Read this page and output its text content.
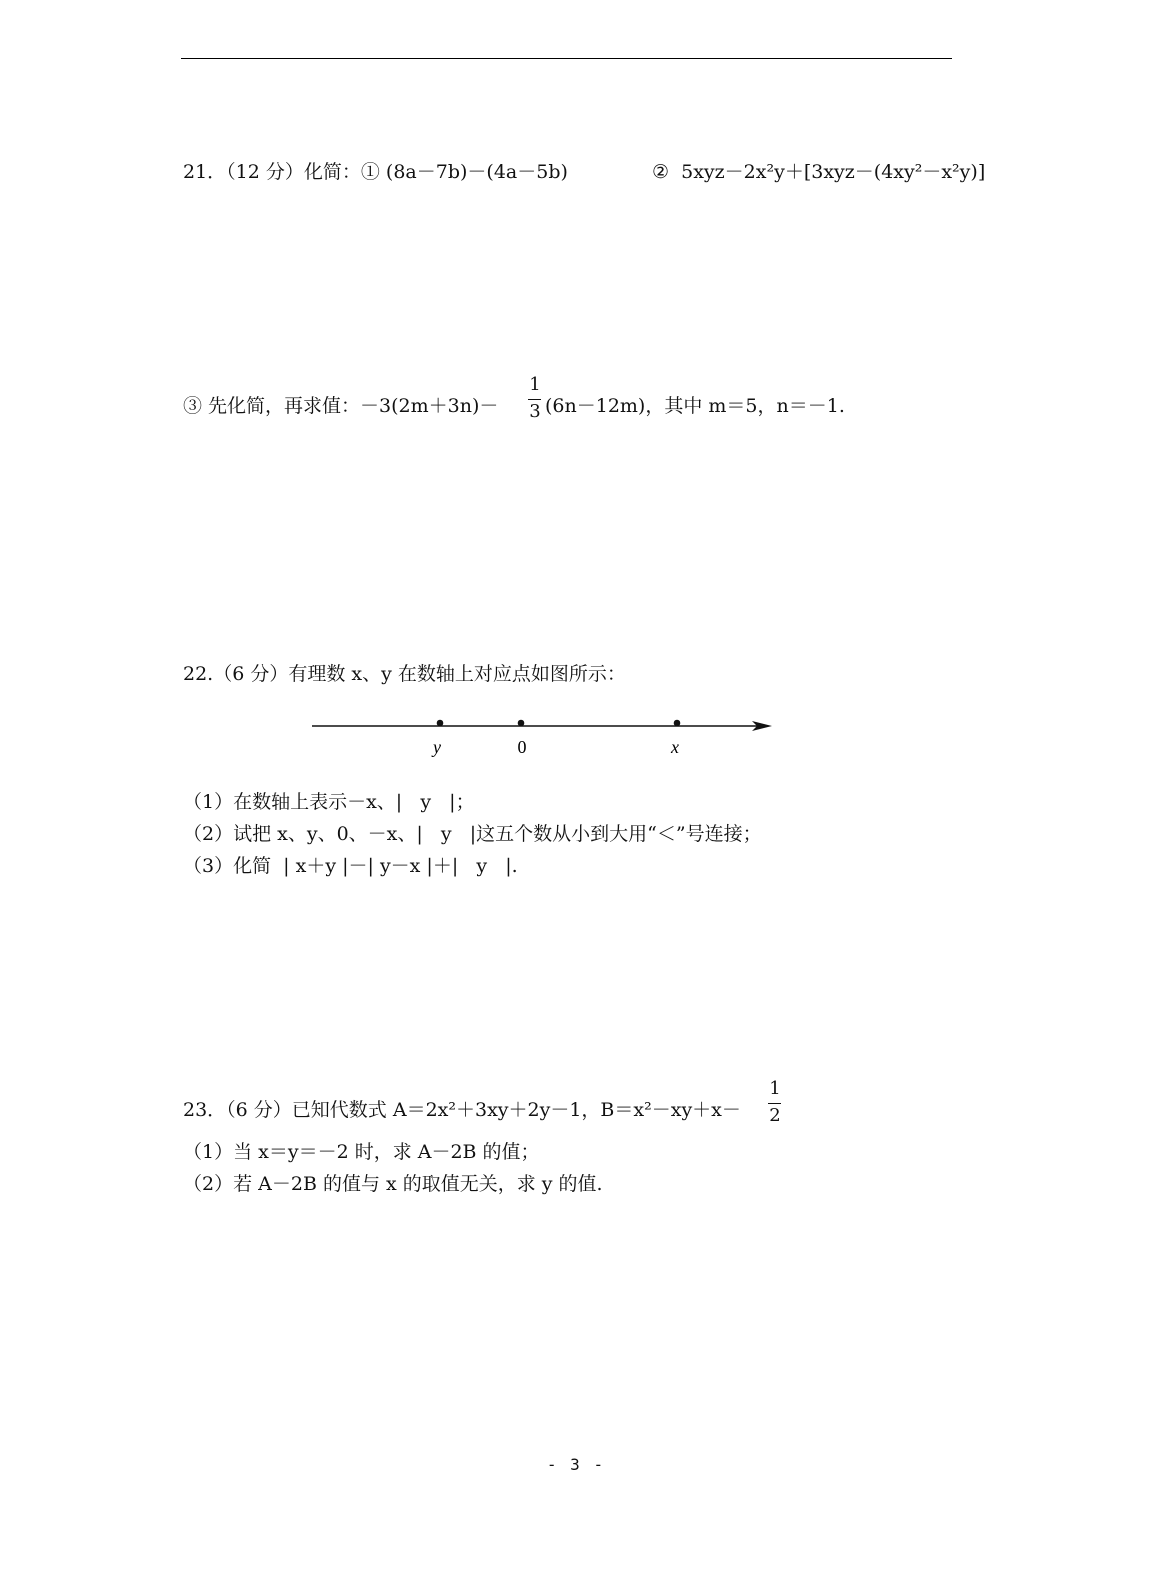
21．（12 分）化简：① (8a－7b)－(4a－5b)	②  5xyz－2x²y＋[3xyz－(4xy²－x²y)]
③ 先化简，再求值：－3(2m＋3n)－
1
3 (6n－12m)，其中 m＝5，n＝－1.
22.（6 分）有理数 x、y 在数轴上对应点如图所示：
y	0	x
（1）在数轴上表示－x、|   y   |；
（2）试把 x、y、0、－x、|   y   |这五个数从小到大用“＜”号连接；
（3）化简  | x＋y |－| y－x |＋|   y   |.
23．（6 分）已知代数式 A＝2x²＋3xy＋2y－1，B＝x²－xy＋x－
1
2
（1）当 x＝y＝－2 时，求 A－2B 的值；
（2）若 A－2B 的值与 x 的取值无关，求 y 的值.
- 3 -
